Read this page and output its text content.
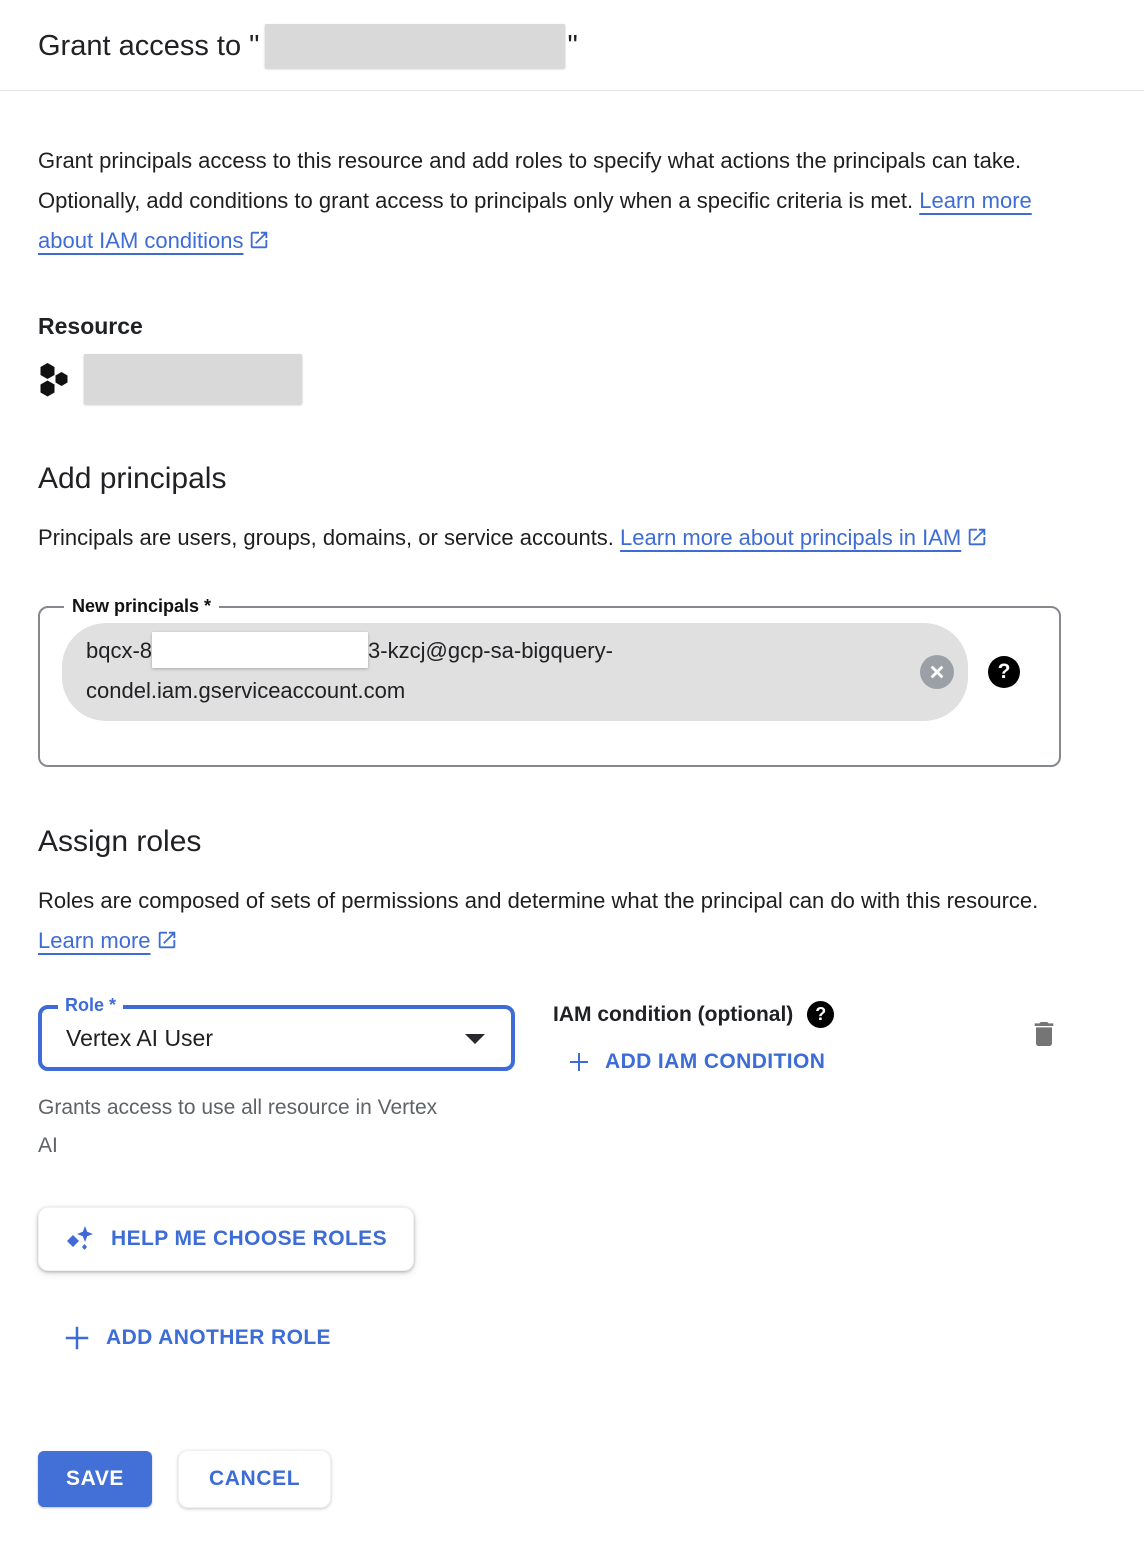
Grant access to "	"

Grant principals access to this resource and add roles to specify what actions the principals can take. Optionally, add conditions to grant access to principals only when a specific criteria is met. Learn more about IAM conditions

Resource
Add principals

Principals are users, groups, domains, or service accounts. Learn more about principals in IAM

New principals *
bqcx-8	3-kzcj@gcp-sa-bigquery-
condel.iam.gserviceaccount.com
?
Assign roles

Roles are composed of sets of permissions and determine what the principal can do with this resource. Learn more

Role *
Vertex AI User
Grants access to use all resource in Vertex AI
IAM condition (optional)	?
ADD IAM CONDITION
HELP ME CHOOSE ROLES
ADD ANOTHER ROLE
SAVE	CANCEL
